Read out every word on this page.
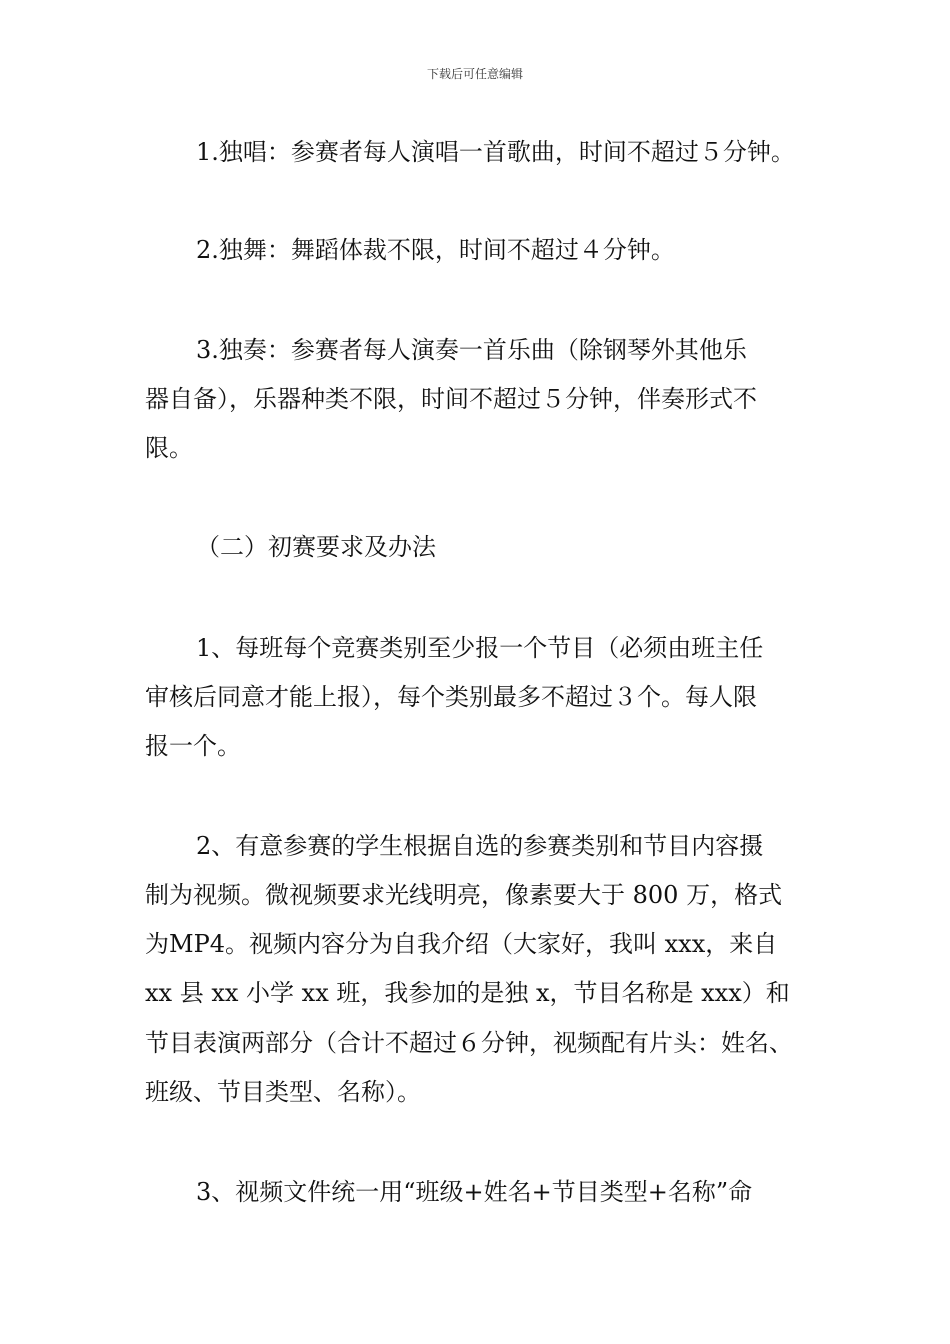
下载后可任意编辑
1.独唱：参赛者每人演唱一首歌曲，时间不超过５分钟。
2.独舞：舞蹈体裁不限，时间不超过４分钟。
3.独奏：参赛者每人演奏一首乐曲（除钢琴外其他乐
器自备），乐器种类不限，时间不超过５分钟，伴奏形式不
限。
（二）初赛要求及办法
1、每班每个竞赛类别至少报一个节目（必须由班主任
审核后同意才能上报），每个类别最多不超过３个。每人限
报一个。
2、有意参赛的学生根据自选的参赛类别和节目内容摄
制为视频。微视频要求光线明亮，像素要大于 800 万，格式
为MP4。视频内容分为自我介绍（大家好，我叫 xxx，来自
xx 县 xx 小学 xx 班，我参加的是独 x，节目名称是 xxx）和
节目表演两部分（合计不超过６分钟，视频配有片头：姓名、
班级、节目类型、名称）。
3、视频文件统一用“班级+姓名+节目类型+名称”命
